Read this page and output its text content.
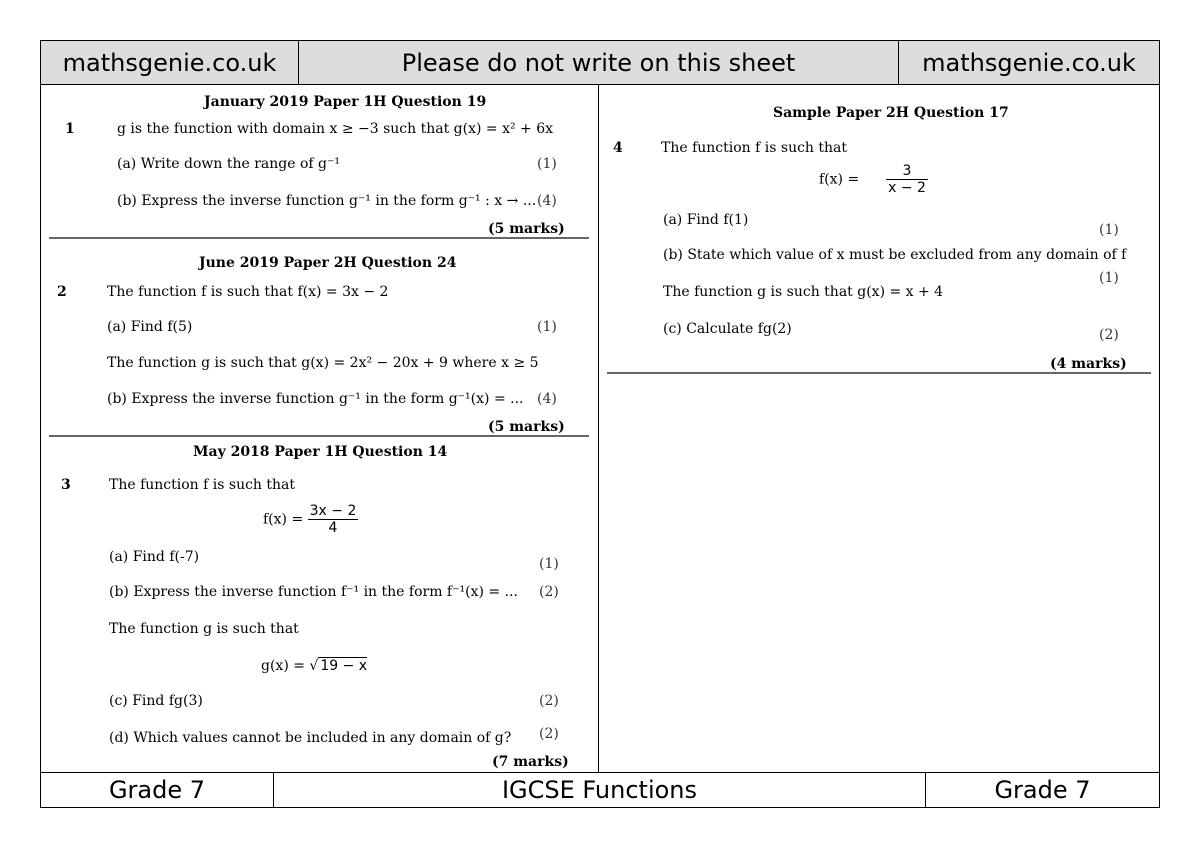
mathsgenie.co.uk	Please do not write on this sheet	mathsgenie.co.uk
January 2019 Paper 1H Question 19
1	g is the function with domain x ≥ −3 such that g(x) = x² + 6x
(a) Write down the range of g⁻¹	(1)
(b) Express the inverse function g⁻¹ in the form g⁻¹ : x → ... (4)
(5 marks)
June 2019 Paper 2H Question 24
2	The function f is such that f(x) = 3x − 2
(a) Find f(5)	(1)
The function g is such that g(x) = 2x² − 20x + 9 where x ≥ 5
(b) Express the inverse function g⁻¹ in the form g⁻¹(x) = ... (4)
(5 marks)
May 2018 Paper 1H Question 14
3	The function f is such that
$f(x) = \frac{3x - 2}{4}$
(a) Find f(-7)	(1)
(b) Express the inverse function f⁻¹ in the form f⁻¹(x) = ... (2)
The function g is such that
g(x) = √ 19 − x
(c) Find fg(3)	(2)
(d) Which values cannot be included in any domain of g? (2)
(7 marks)
Sample Paper 2H Question 17
4	The function f is such that
$f(x) = \frac{3}{x - 2}$
(a) Find f(1)
(1)
(b) State which value of x must be excluded from any domain of f
(1)
The function g is such that g(x) = x + 4
(c) Calculate fg(2)	(2)
(4 marks)
Grade 7	IGCSE Functions	Grade 7
